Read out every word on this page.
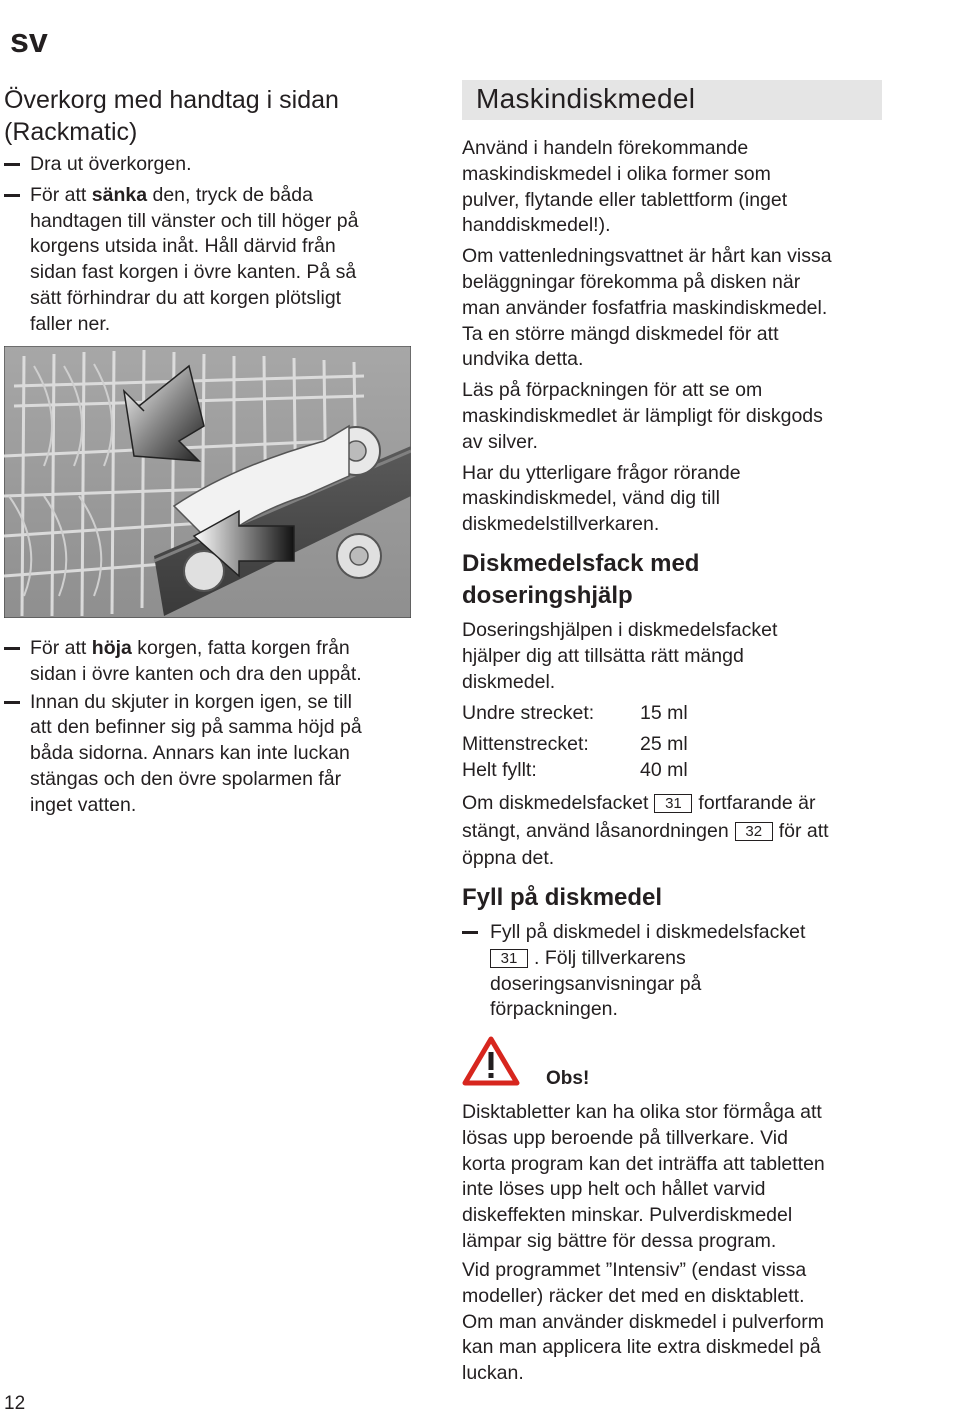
sv
Överkorg med handtag i sidan
(Rackmatic)
Dra ut överkorgen.
För att sänka den, tryck de båda
handtagen till vänster och till höger på
korgens utsida inåt. Håll därvid från
sidan fast korgen i övre kanten. På så
sätt förhindrar du att korgen plötsligt
faller ner.
För att höja korgen, fatta korgen från
sidan i övre kanten och dra den uppåt.
Innan du skjuter in korgen igen, se till
att den befinner sig på samma höjd på
båda sidorna. Annars kan inte luckan
stängas och den övre spolarmen får
inget vatten.
Maskindiskmedel

Använd i handeln förekommande
maskindiskmedel i olika former som
pulver, flytande eller tablettform (inget
handdiskmedel!).

Om vattenledningsvattnet är hårt kan vissa
beläggningar förekomma på disken när
man använder fosfatfria maskindiskmedel.
Ta en större mängd diskmedel för att
undvika detta.

Läs på förpackningen för att se om
maskindiskmedlet är lämpligt för diskgods
av silver.

Har du ytterligare frågor rörande
maskindiskmedel, vänd dig till
diskmedelstillverkaren.

Diskmedelsfack med
doseringshjälp

Doseringshjälpen i diskmedelsfacket
hjälper dig att tillsätta rätt mängd
diskmedel.

Undre strecket: 15 ml
Mittenstrecket:	25 ml
Helt fyllt:	40 ml

Om diskmedelsfacket 31 fortfarande är
stängt, använd låsanordningen 32 för att
öppna det.

Fyll på diskmedel
Fyll på diskmedel i diskmedelsfacket
31 . Följ tillverkarens
doseringsanvisningar på
förpackningen.
Obs!

Disktabletter kan ha olika stor förmåga att
lösas upp beroende på tillverkare. Vid
korta program kan det inträffa att tabletten
inte löses upp helt och hållet varvid
diskeffekten minskar. Pulverdiskmedel
lämpar sig bättre för dessa program.

Vid programmet ”Intensiv” (endast vissa
modeller) räcker det med en disktablett.
Om man använder diskmedel i pulverform
kan man applicera lite extra diskmedel på
luckan.

12
